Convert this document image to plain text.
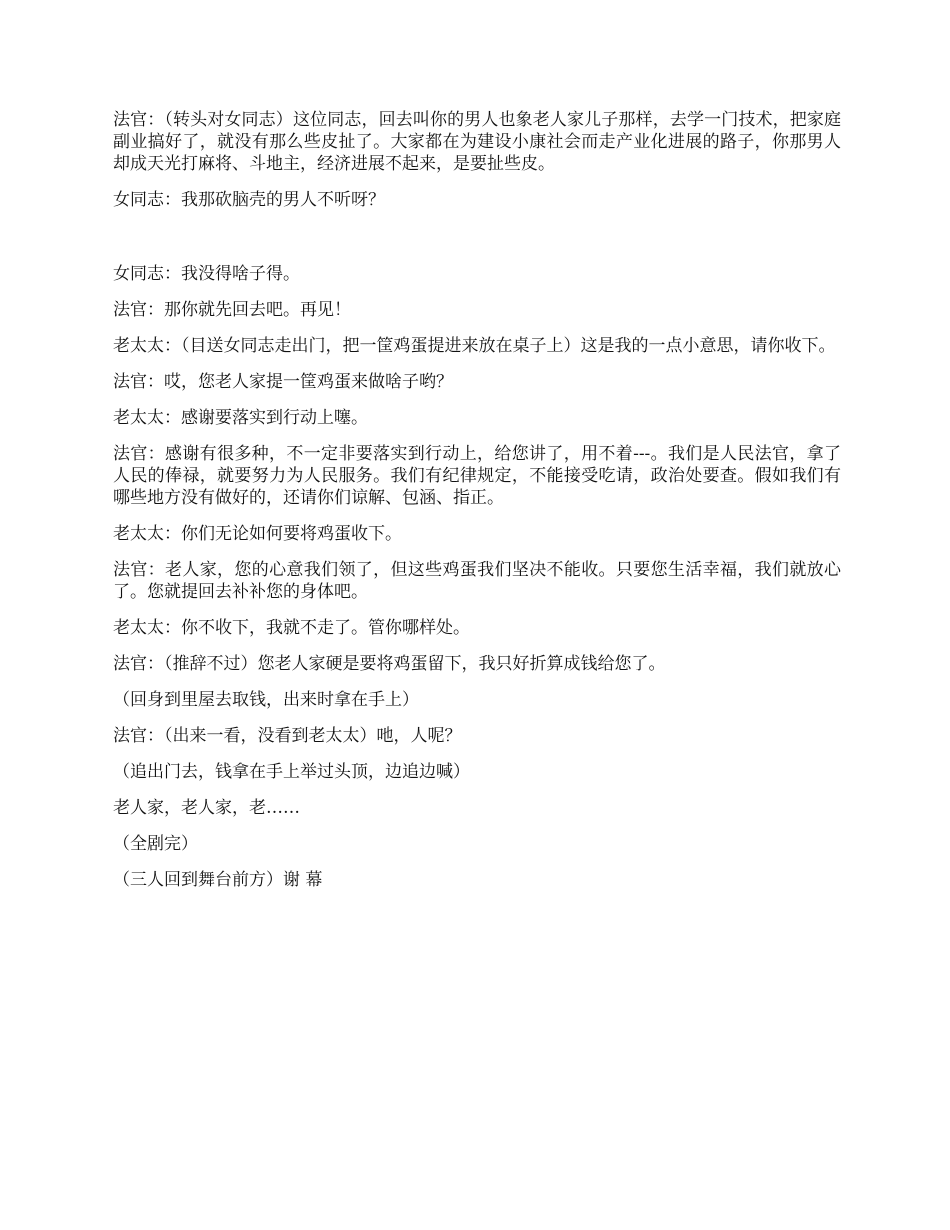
法官：（转头对女同志）这位同志，回去叫你的男人也象老人家儿子那样，去学一门技术，把家庭副业搞好了，就没有那么些皮扯了。大家都在为建设小康社会而走产业化进展的路子，你那男人却成天光打麻将、斗地主，经济进展不起来，是要扯些皮。

女同志：我那砍脑壳的男人不听呀？

女同志：我没得啥子得。

法官：那你就先回去吧。再见！

老太太：（目送女同志走出门，把一筐鸡蛋提进来放在桌子上）这是我的一点小意思，请你收下。

法官：哎，您老人家提一筐鸡蛋来做啥子哟？

老太太：感谢要落实到行动上噻。

法官：感谢有很多种，不一定非要落实到行动上，给您讲了，用不着---。我们是人民法官，拿了人民的俸禄，就要努力为人民服务。我们有纪律规定，不能接受吃请，政治处要查。假如我们有哪些地方没有做好的，还请你们谅解、包涵、指正。

老太太：你们无论如何要将鸡蛋收下。

法官：老人家，您的心意我们领了，但这些鸡蛋我们坚决不能收。只要您生活幸福，我们就放心了。您就提回去补补您的身体吧。

老太太：你不收下，我就不走了。管你哪样处。

法官：（推辞不过）您老人家硬是要将鸡蛋留下，我只好折算成钱给您了。

（回身到里屋去取钱，出来时拿在手上）

法官：（出来一看，没看到老太太）吔，人呢？

（追出门去，钱拿在手上举过头顶，边追边喊）

老人家，老人家，老……

（全剧完）

（三人回到舞台前方）谢 幕
